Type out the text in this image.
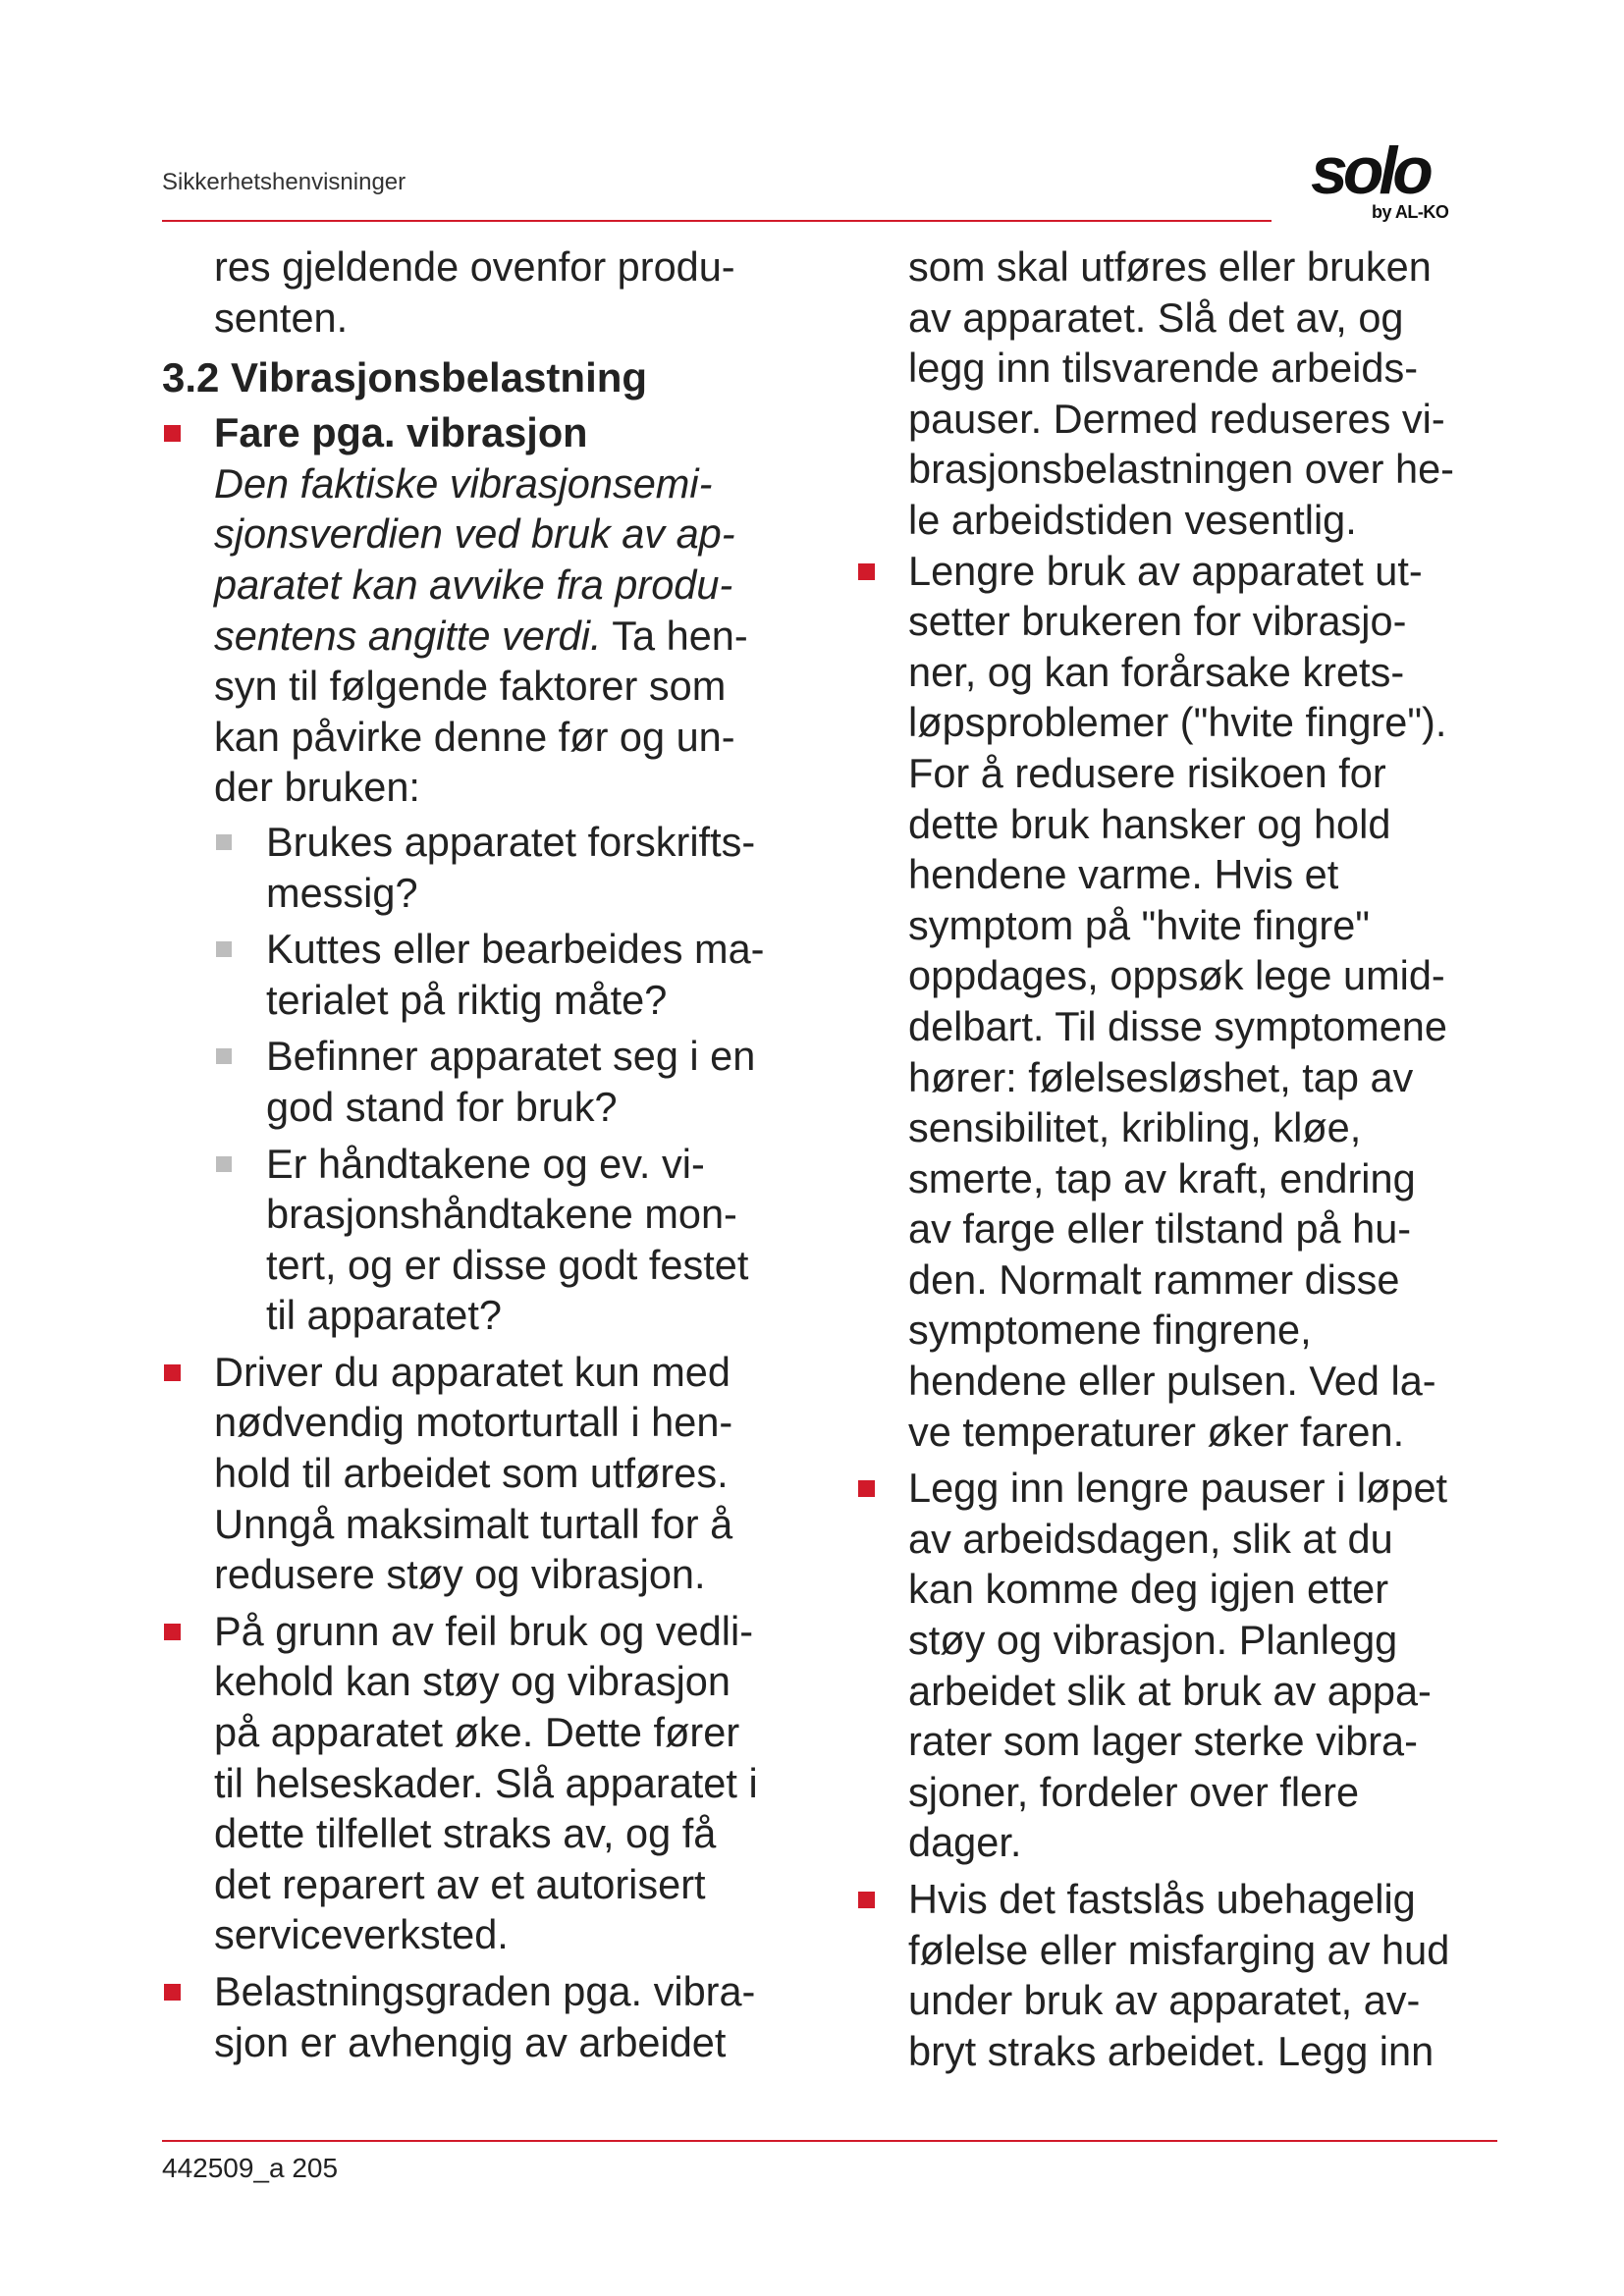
Sikkerhetshenvisninger	solo
by AL-KO

res gjeldende ovenfor produ-
senten.

3.2 Vibrasjonsbelastning
Fare pga. vibrasjon
Den faktiske vibrasjonsemi-
sjonsverdien ved bruk av ap-
paratet kan avvike fra produ-
sentens angitte verdi. Ta hen-
syn til følgende faktorer som
kan påvirke denne før og un-
der bruken:
Brukes apparatet forskrifts-
messig?
Kuttes eller bearbeides ma-
terialet på riktig måte?
Befinner apparatet seg i en
god stand for bruk?
Er håndtakene og ev. vi-
brasjonshåndtakene mon-
tert, og er disse godt festet
til apparatet?
Driver du apparatet kun med
nødvendig motorturtall i hen-
hold til arbeidet som utføres.
Unngå maksimalt turtall for å
redusere støy og vibrasjon.
På grunn av feil bruk og vedli-
kehold kan støy og vibrasjon
på apparatet øke. Dette fører
til helseskader. Slå apparatet i
dette tilfellet straks av, og få
det reparert av et autorisert
serviceverksted.
Belastningsgraden pga. vibra-
sjon er avhengig av arbeidet

som skal utføres eller bruken
av apparatet. Slå det av, og
legg inn tilsvarende arbeids-
pauser. Dermed reduseres vi-
brasjonsbelastningen over he-
le arbeidstiden vesentlig.

Lengre bruk av apparatet ut-
setter brukeren for vibrasjo-
ner, og kan forårsake krets-
løpsproblemer ("hvite fingre").
For å redusere risikoen for
dette bruk hansker og hold
hendene varme. Hvis et
symptom på "hvite fingre"
oppdages, oppsøk lege umid-
delbart. Til disse symptomene
hører: følelsesløshet, tap av
sensibilitet, kribling, kløe,
smerte, tap av kraft, endring
av farge eller tilstand på hu-
den. Normalt rammer disse
symptomene fingrene,
hendene eller pulsen. Ved la-
ve temperaturer øker faren.
Legg inn lengre pauser i løpet
av arbeidsdagen, slik at du
kan komme deg igjen etter
støy og vibrasjon. Planlegg
arbeidet slik at bruk av appa-
rater som lager sterke vibra-
sjoner, fordeler over flere
dager.
Hvis det fastslås ubehagelig
følelse eller misfarging av hud
under bruk av apparatet, av-
bryt straks arbeidet. Legg inn
442509_a 205
